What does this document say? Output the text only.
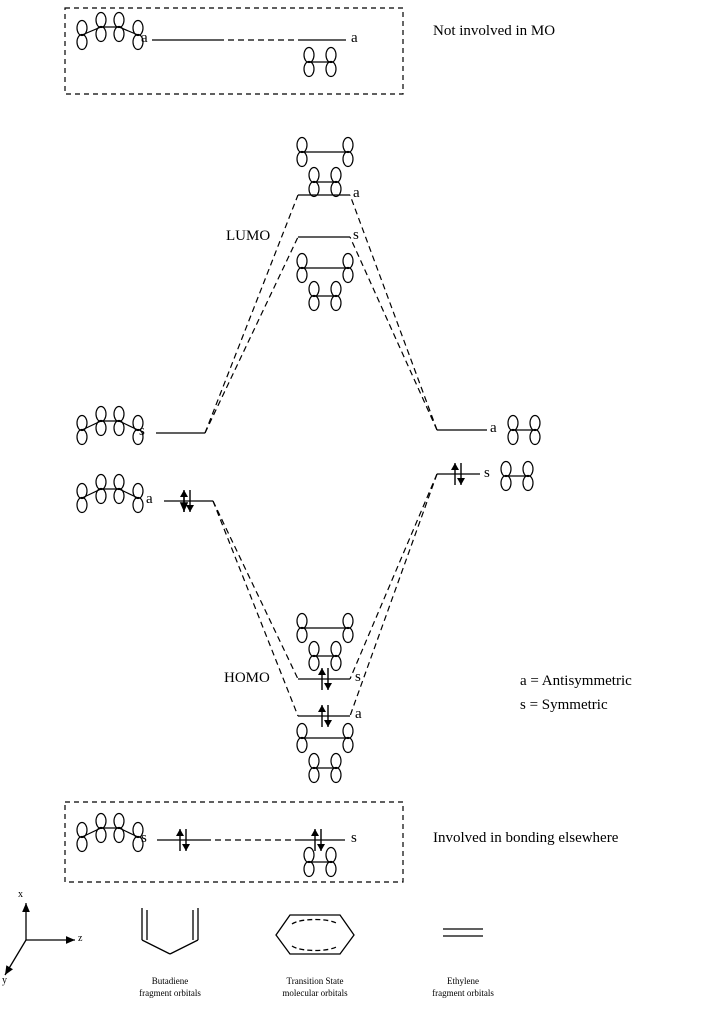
a	a	Not involved in MO
a
LUMO	s
s
a
a
s
HOMO	s
a
a = Antisymmetric
s = Symmetric
s	s	Involved in bonding elsewhere
x
z
y	Butadiene
fragment orbitals
Transition State
molecular orbitals
Ethylene
fragment orbitals
